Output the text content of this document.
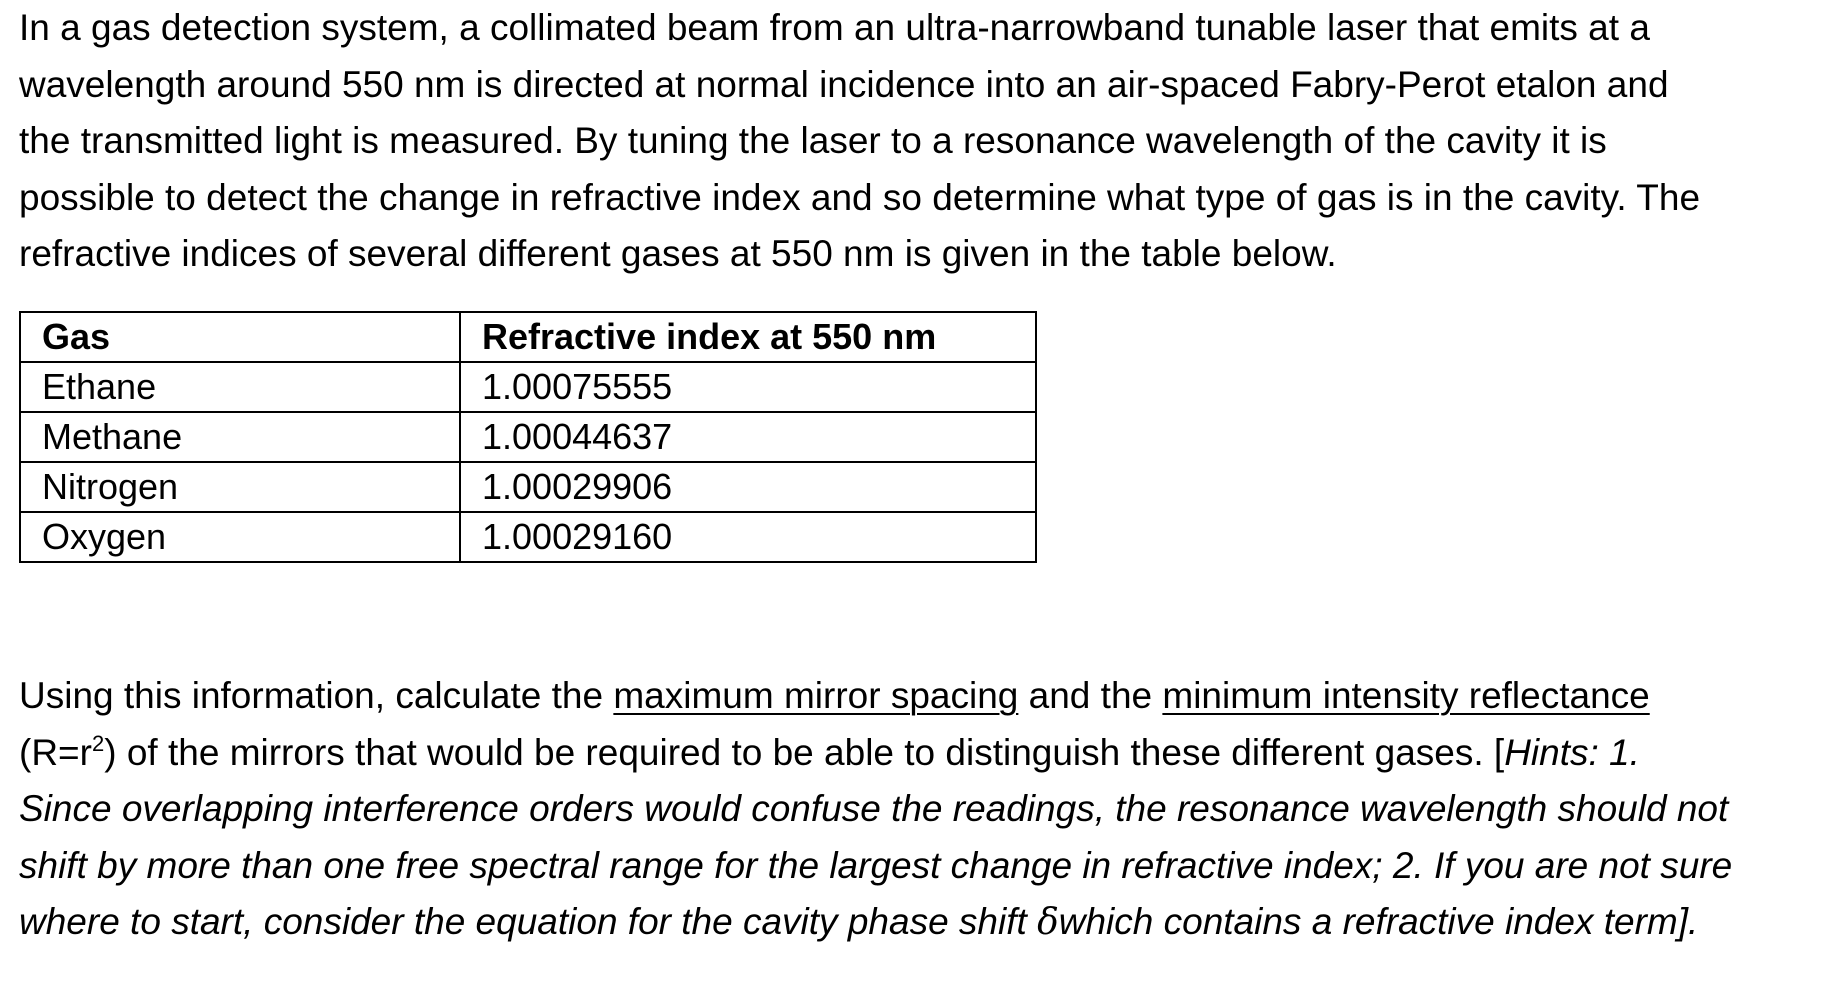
In a gas detection system, a collimated beam from an ultra-narrowband tunable laser that emits at a
wavelength around 550 nm is directed at normal incidence into an air-spaced Fabry-Perot etalon and
the transmitted light is measured. By tuning the laser to a resonance wavelength of the cavity it is
possible to detect the change in refractive index and so determine what type of gas is in the cavity. The
refractive indices of several different gases at 550 nm is given in the table below.

Gas	Refractive index at 550 nm
Ethane	1.00075555
Methane	1.00044637
Nitrogen	1.00029906
Oxygen	1.00029160

Using this information, calculate the maximum mirror spacing and the minimum intensity reflectance
$(R=r^2)$ of the mirrors that would be required to be able to distinguish these different gases. [Hints: 1.
Since overlapping interference orders would confuse the readings, the resonance wavelength should not
shift by more than one free spectral range for the largest change in refractive index; 2. If you are not sure
where to start, consider the equation for the cavity phase shift δwhich contains a refractive index term].
